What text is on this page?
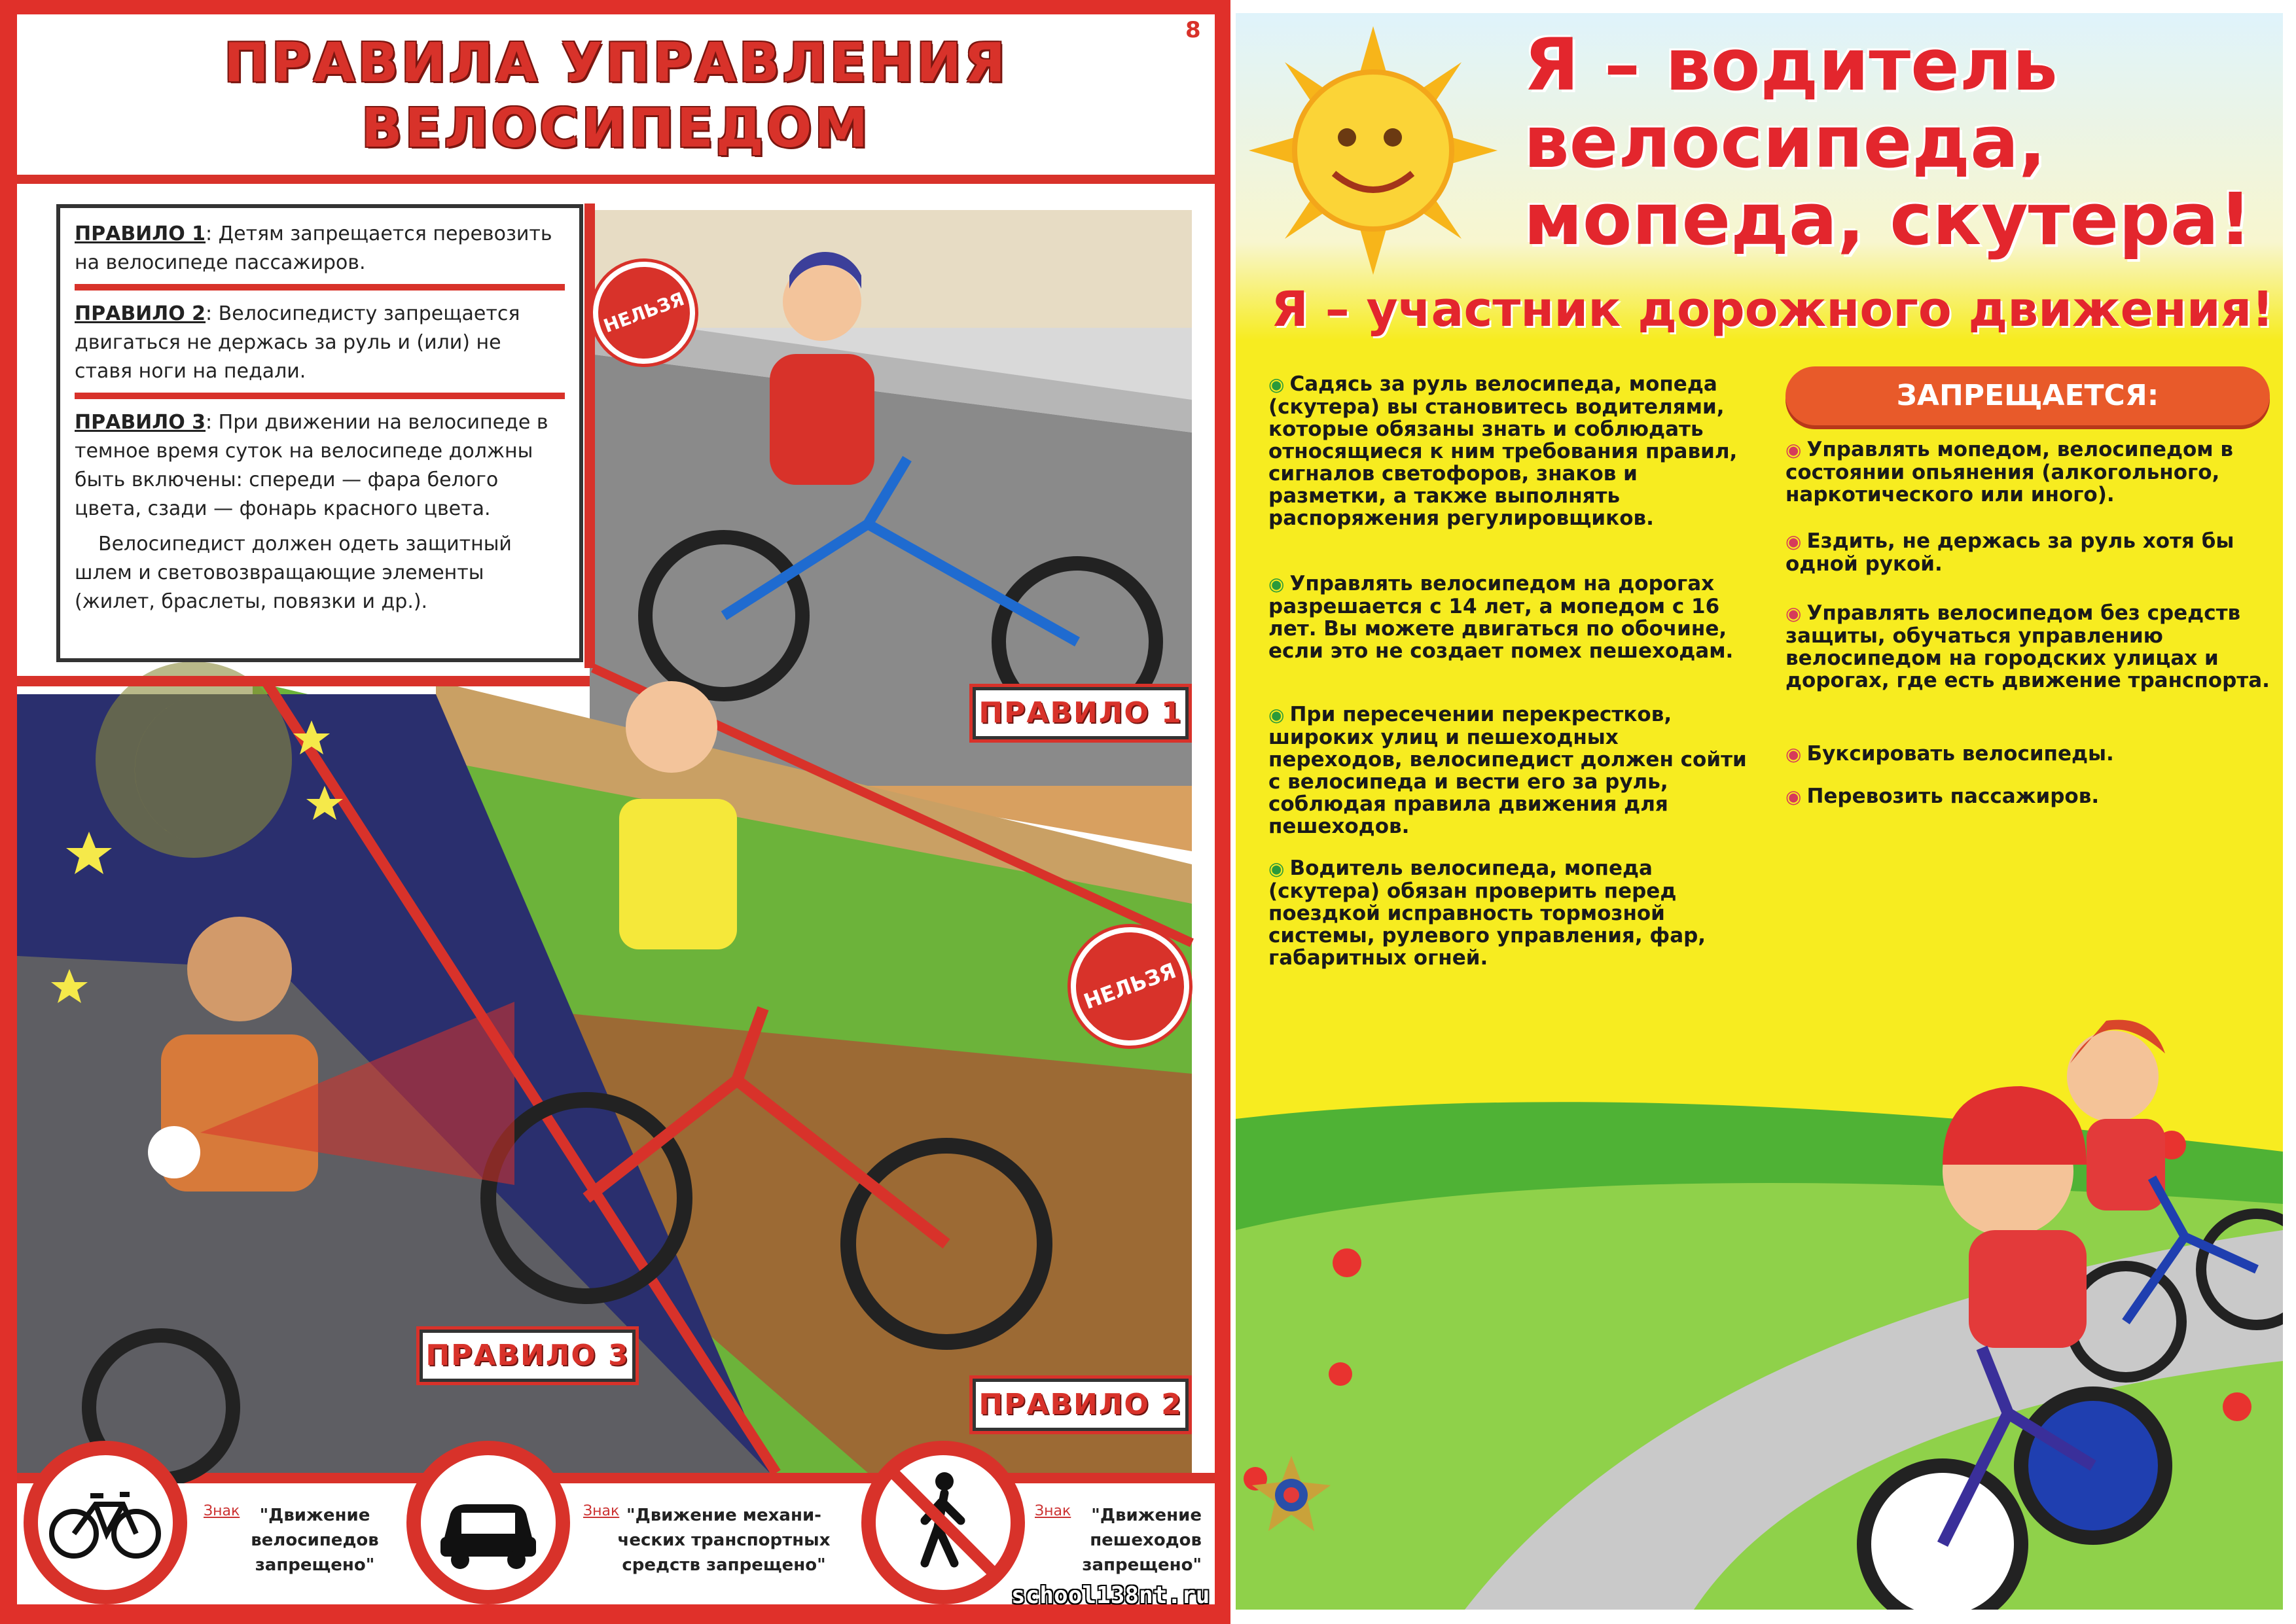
ПРАВИЛА УПРАВЛЕНИЯ
ВЕЛОСИПЕДОМ
8

ПРАВИЛО 1: Детям запрещается перевозить на велосипеде пассажиров.

ПРАВИЛО 2: Велосипедисту запрещается двигаться не держась за руль и (или) не ставя ноги на педали.

ПРАВИЛО 3: При движении на велосипеде в темное время суток на велосипеде должны быть включены: спереди — фара белого цвета, сзади — фонарь красного цвета.

Велосипедист должен одеть защитный шлем и световозвращающие элементы (жилет, браслеты, повязки и др.).

НЕЛЬЗЯ
НЕЛЬЗЯ
ПРАВИЛО 1
ПРАВИЛО 2
ПРАВИЛО 3
Знак	"Движение
велосипедов
запрещено"
Знак "Движение механи-
ческих транспортных
средств запрещено"
Знак	"Движение
пешеходов
запрещено"
school138nt.ru
Я – водитель
велосипеда,
мопеда, скутера!
Я – участник дорожного движения!
◉ Садясь за руль велосипеда, мопеда (скутера) вы становитесь водителями, которые обязаны знать и соблюдать относящиеся к ним требования правил, сигналов светофоров, знаков и разметки, а также выполнять распоряжения регулировщиков.
◉ Управлять велосипедом на дорогах разрешается с 14 лет, а мопедом с 16 лет. Вы можете двигаться по обочине, если это не создает помех пешеходам.
◉ При пересечении перекрестков, широких улиц и пешеходных переходов, велосипедист должен сойти с велосипеда и вести его за руль, соблюдая правила движения для пешеходов.
◉ Водитель велосипеда, мопеда (скутера) обязан проверить перед поездкой исправность тормозной системы, рулевого управления, фар, габаритных огней.
ЗАПРЕЩАЕТСЯ:
◉ Управлять мопедом, велосипедом в состоянии опьянения (алкогольного, наркотического или иного).
◉ Ездить, не держась за руль хотя бы одной рукой.
◉ Управлять велосипедом без средств защиты, обучаться управлению велосипедом на городских улицах и дорогах, где есть движение транспорта.
◉ Буксировать велосипеды.
◉ Перевозить пассажиров.
